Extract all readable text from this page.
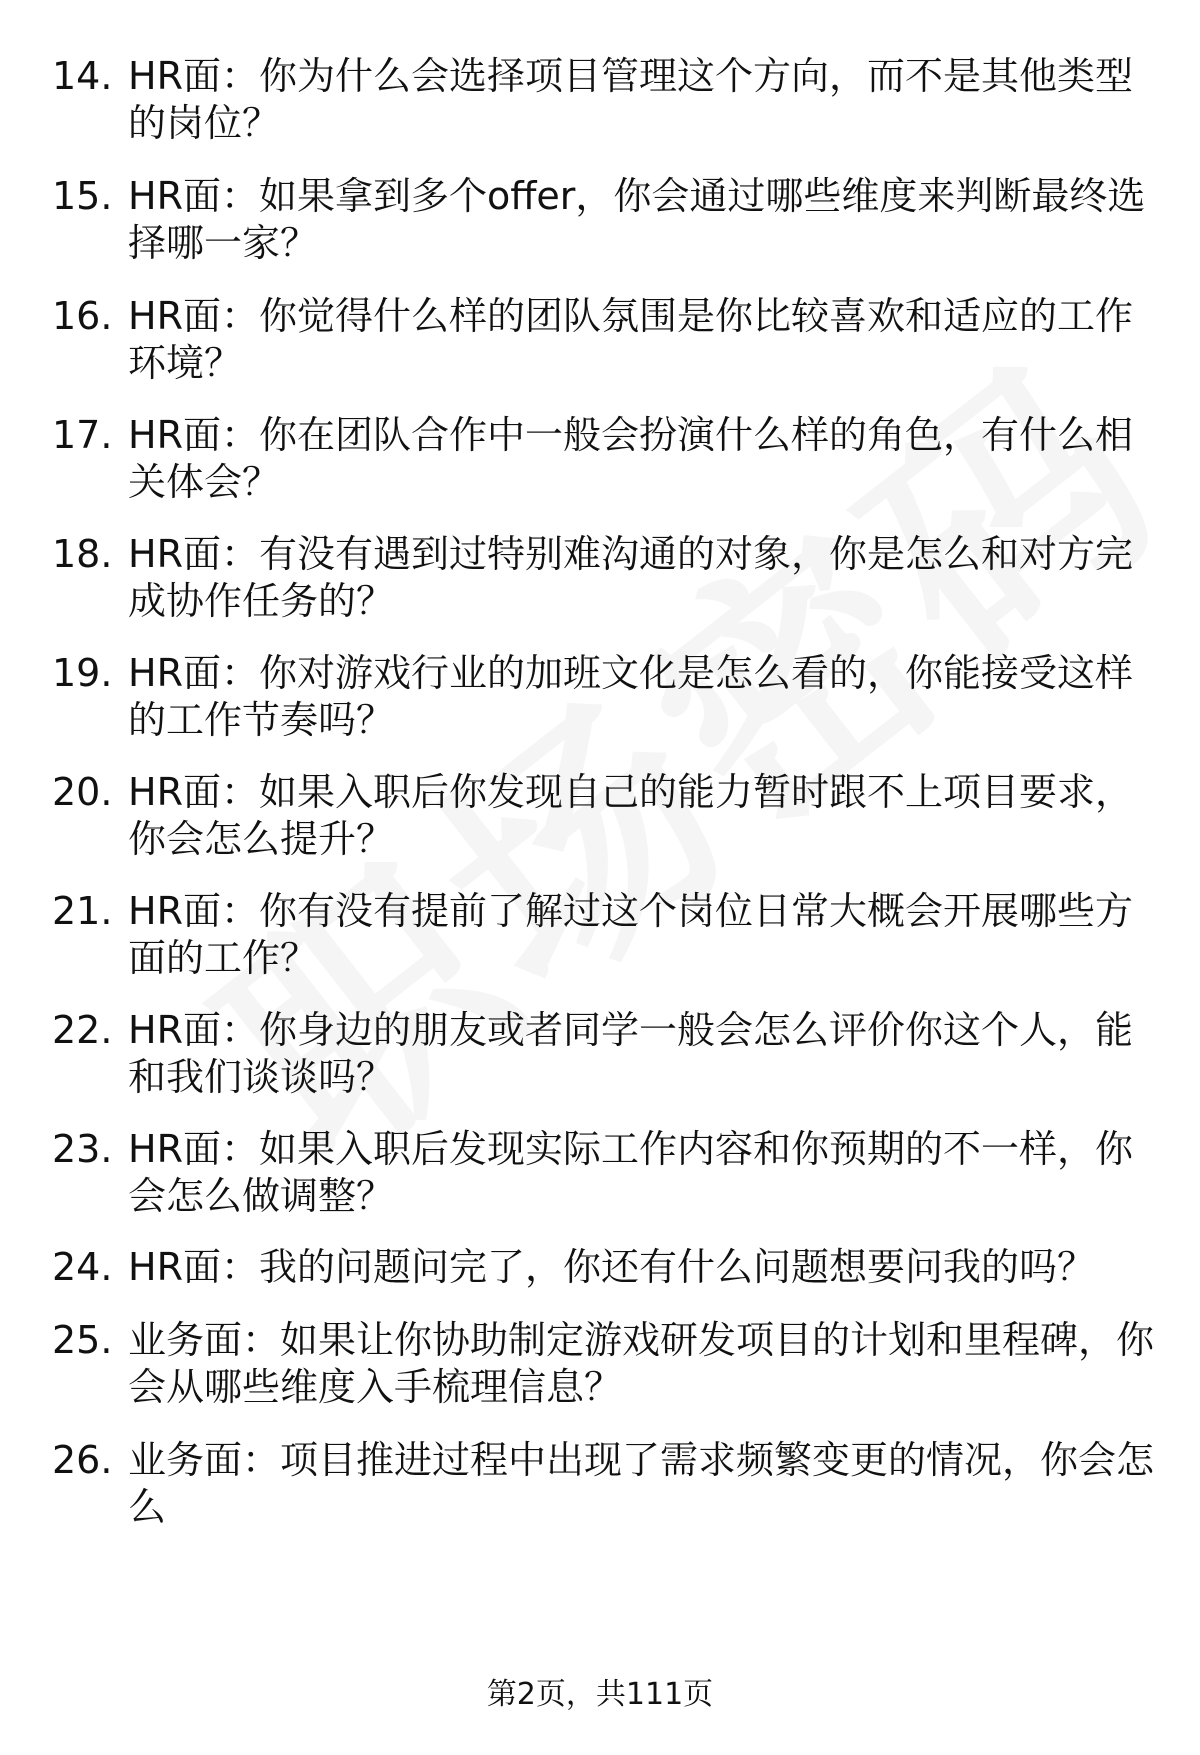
14. HR面：你为什么会选择项目管理这个方向，而不是其他类型的岗位？
15. HR面：如果拿到多个offer，你会通过哪些维度来判断最终选择哪一家？
16. HR面：你觉得什么样的团队氛围是你比较喜欢和适应的工作环境？
17. HR面：你在团队合作中一般会扮演什么样的角色，有什么相关体会？
18. HR面：有没有遇到过特别难沟通的对象，你是怎么和对方完成协作任务的？
19. HR面：你对游戏行业的加班文化是怎么看的，你能接受这样的工作节奏吗？
20. HR面：如果入职后你发现自己的能力暂时跟不上项目要求，你会怎么提升？
21. HR面：你有没有提前了解过这个岗位日常大概会开展哪些方面的工作？
22. HR面：你身边的朋友或者同学一般会怎么评价你这个人，能和我们谈谈吗？
23. HR面：如果入职后发现实际工作内容和你预期的不一样，你会怎么做调整？
24. HR面：我的问题问完了，你还有什么问题想要问我的吗？
25. 业务面：如果让你协助制定游戏研发项目的计划和里程碑，你会从哪些维度入手梳理信息？
26. 业务面：项目推进过程中出现了需求频繁变更的情况，你会怎么
第2页，共111页
